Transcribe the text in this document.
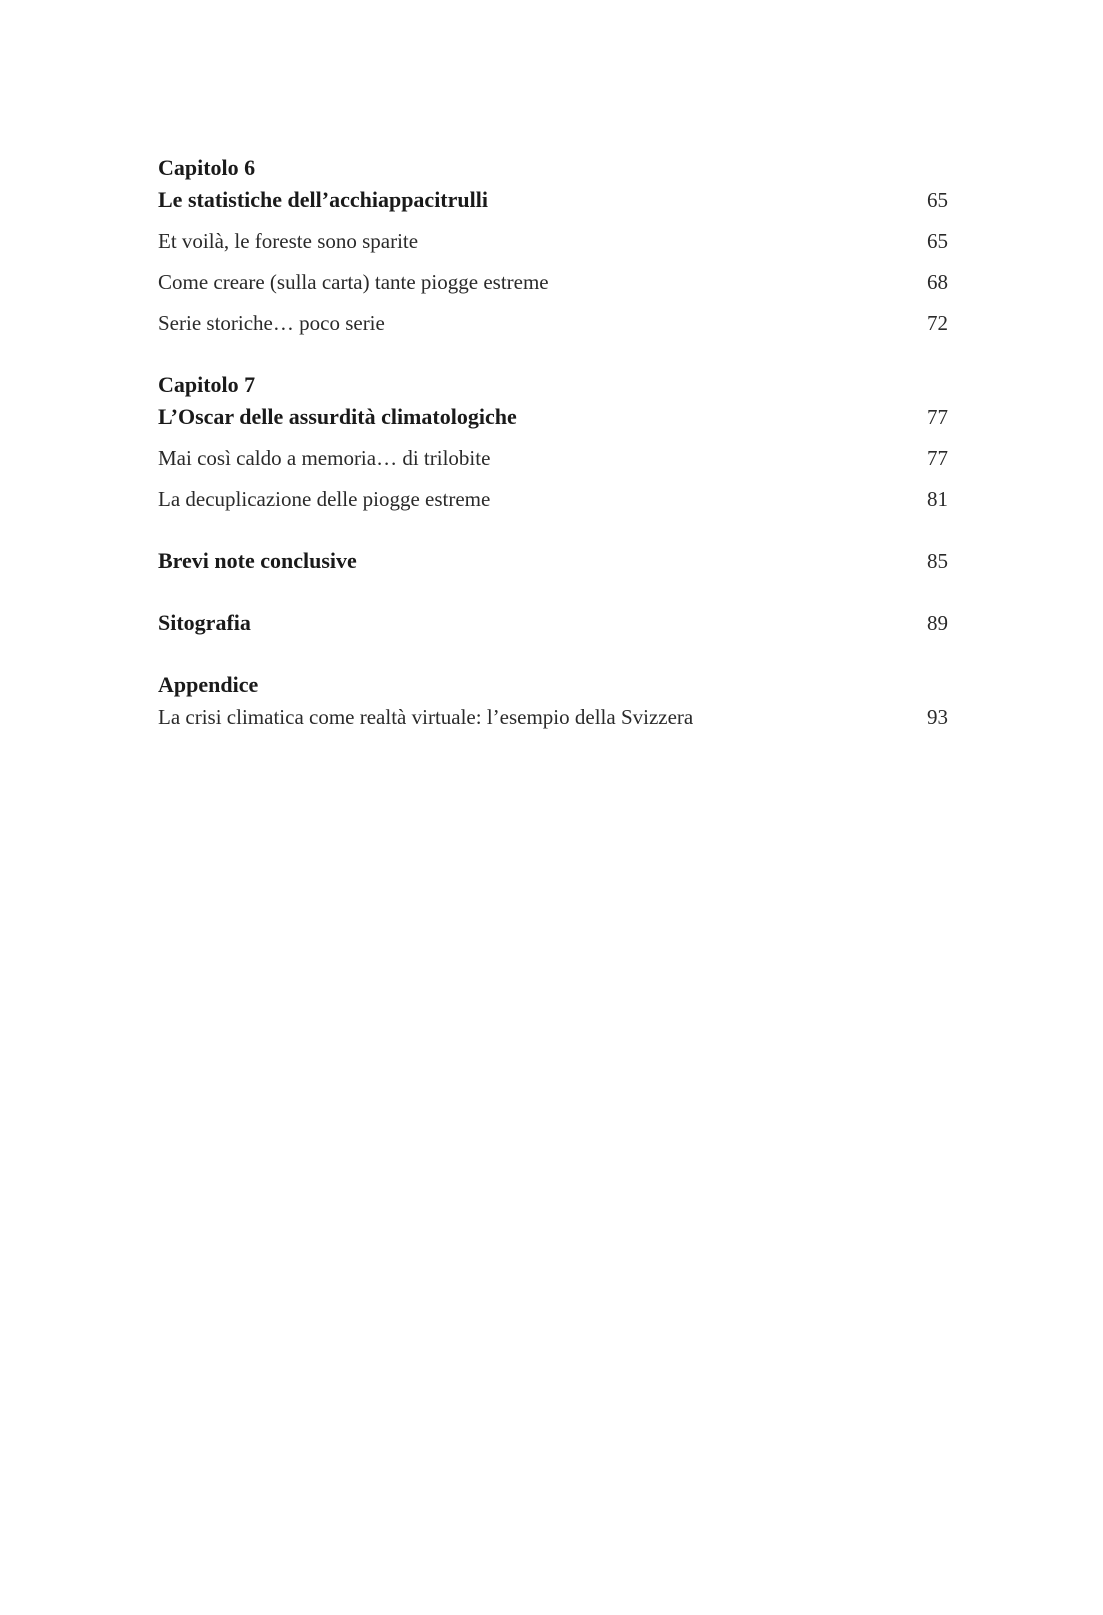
Capitolo 6
Le statistiche dell’acchiappacitrulli	65
Et voilà, le foreste sono sparite	65
Come creare (sulla carta) tante piogge estreme	68
Serie storiche… poco serie	72
Capitolo 7
L’Oscar delle assurdità climatologiche	77
Mai così caldo a memoria… di trilobite	77
La decuplicazione delle piogge estreme	81
Brevi note conclusive	85
Sitografia	89
Appendice
La crisi climatica come realtà virtuale: l’esempio della Svizzera	93
